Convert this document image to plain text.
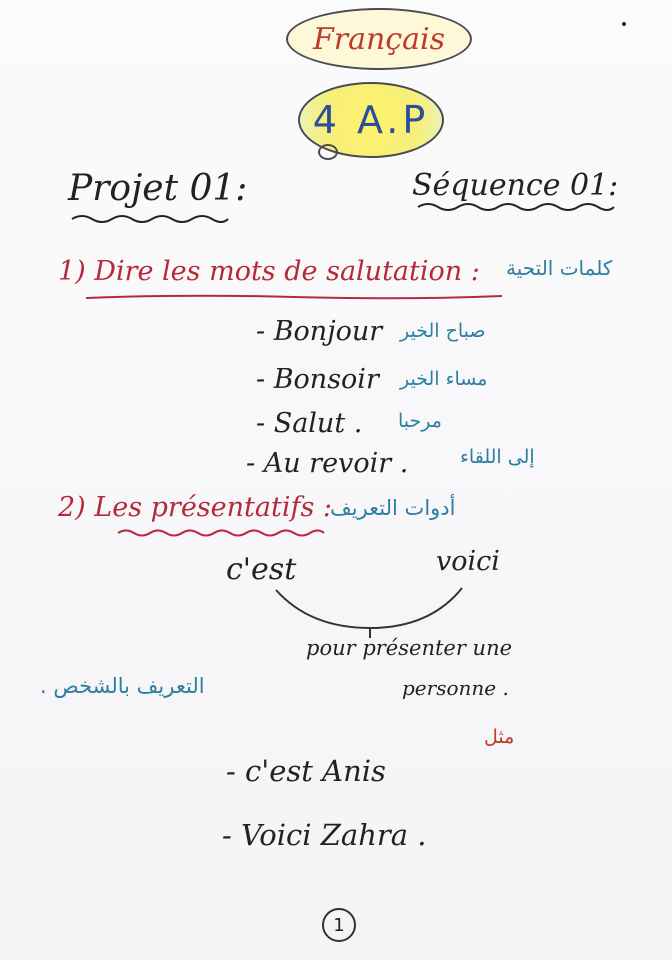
Français
4 A.P
Projet 01:	Séquence 01:
1) Dire les mots de salutation : كلمات التحية
- Bonjour صباح الخير
- Bonsoir مساء الخير
- Salut . مرحبا
- Au revoir .	إلى اللقاء
2) Les présentatifs :
أدوات التعريف
c'est	voici
pour présenter une
personne .
التعريف بالشخص .
مثل
- c'est Anis
- Voici Zahra .
1
